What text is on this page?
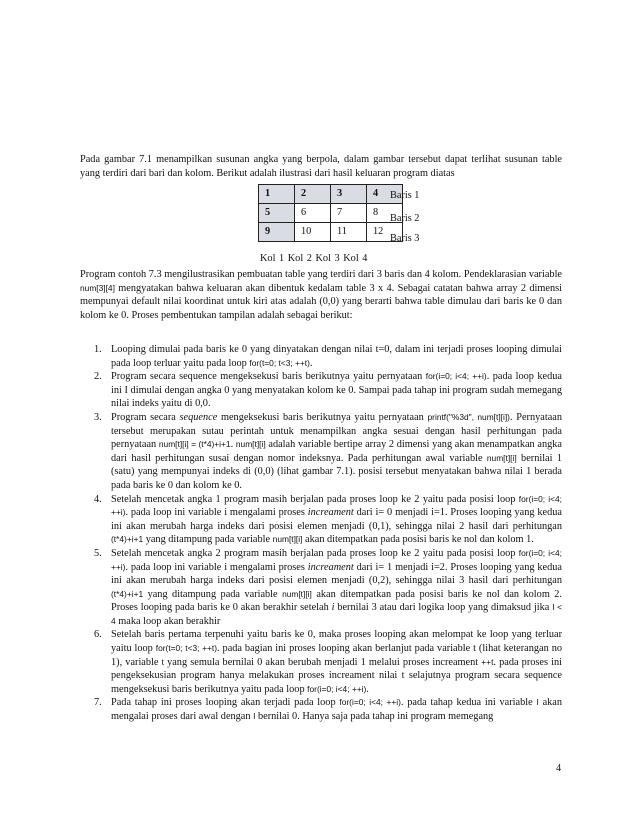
Pada gambar 7.1 menampilkan susunan angka yang berpola, dalam gambar tersebut dapat terlihat susunan table yang terdiri dari bari dan kolom. Berikut adalah ilustrasi dari hasil keluaran program diatas
1	2	3	4
5	6	7	8
9	10	11	12
Baris 1
Baris 2
Baris 3
Kol 1 Kol 2 Kol 3 Kol 4
Program contoh 7.3 mengilustrasikan pembuatan table yang terdiri dari 3 baris dan 4 kolom. Pendeklarasian variable num[3][4] mengyatakan bahwa keluaran akan dibentuk kedalam table 3 x 4. Sebagai catatan bahwa array 2 dimensi mempunyai default nilai koordinat untuk kiri atas adalah (0,0) yang berarti bahwa table dimulau dari baris ke 0 dan kolom ke 0. Proses pembentukan tampilan adalah sebagai berikut:
1. Looping dimulai pada baris ke 0 yang dinyatakan dengan nilai t=0, dalam ini terjadi proses looping dimulai pada loop terluar yaitu pada loop for(t=0; t<3; ++t).
2. Program secara sequence mengeksekusi baris berikutnya yaitu pernyataan for(i=0; i<4; ++i). pada loop kedua ini I dimulai dengan angka 0 yang menyatakan kolom ke 0. Sampai pada tahap ini program sudah memegang nilai indeks yaitu di 0,0.
3. Program secara sequence mengeksekusi baris berikutnya yaitu pernyataan printf("%3d", num[t][i]). Pernyataan tersebut merupakan sutau perintah untuk menampilkan angka sesuai dengan hasil perhitungan pada pernyataan num[t][i] = (t*4)+i+1. num[t][i] adalah variable bertipe array 2 dimensi yang akan menampatkan angka dari hasil perhitungan susai dengan nomor indeksnya. Pada perhitungan awal variable num[t][i] bernilai 1 (satu) yang mempunyai indeks di (0,0) (lihat gambar 7.1). posisi tersebut menyatakan bahwa nilai 1 berada pada baris ke 0 dan kolom ke 0.
4. Setelah mencetak angka 1 program masih berjalan pada proses loop ke 2 yaitu pada posisi loop for(i=0; i<4; ++i). pada loop ini variable i mengalami proses increament dari i= 0 menjadi i=1. Proses looping yang kedua ini akan merubah harga indeks dari posisi elemen menjadi (0,1), sehingga nilai 2 hasil dari perhitungan (t*4)+i+1 yang ditampung pada variable num[t][i] akan ditempatkan pada posisi baris ke nol dan kolom 1.
5. Setelah mencetak angka 2 program masih berjalan pada proses loop ke 2 yaitu pada posisi loop for(i=0; i<4; ++i). pada loop ini variable i mengalami proses increament dari i= 1 menjadi i=2. Proses looping yang kedua ini akan merubah harga indeks dari posisi elemen menjadi (0,2), sehingga nilai 3 hasil dari perhitungan (t*4)+i+1 yang ditampung pada variable num[t][i] akan ditempatkan pada posisi baris ke nol dan kolom 2. Proses looping pada baris ke 0 akan berakhir setelah i bernilai 3 atau dari logika loop yang dimaksud jika I < 4 maka loop akan berakhir
6. Setelah baris pertama terpenuhi yaitu baris ke 0, maka proses looping akan melompat ke loop yang terluar yaitu loop for(t=0; t<3; ++t). pada bagian ini proses looping akan berlanjut pada variable t (lihat keterangan no 1), variable t yang semula bernilai 0 akan berubah menjadi 1 melalui proses increament ++t. pada proses ini pengeksekusian program hanya melakukan proses increament nilai t selajutnya program secara sequence mengeksekusi baris berikutnya yaitu pada loop for(i=0; i<4; ++i).
7. Pada tahap ini proses looping akan terjadi pada loop for(i=0; i<4; ++i). pada tahap kedua ini variable I akan mengalai proses dari awal dengan I bernilai 0. Hanya saja pada tahap ini program memegang
4
